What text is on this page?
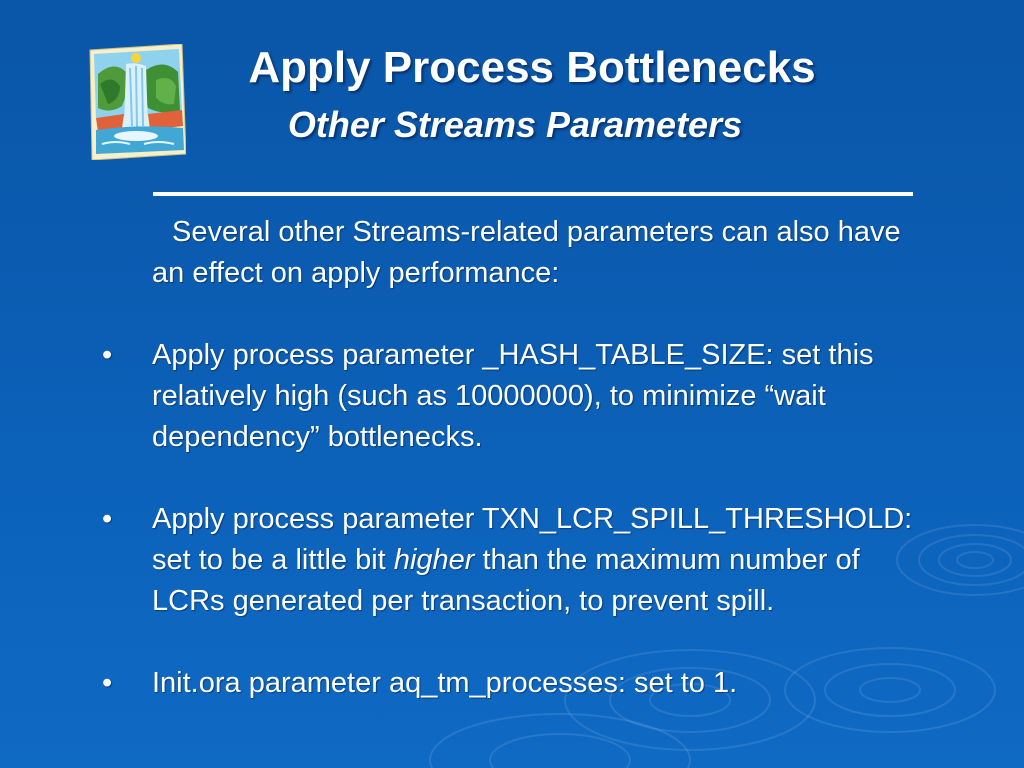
Apply Process Bottlenecks
Other Streams Parameters

Several other Streams-related parameters can also have an effect on apply performance:

• Apply process parameter _HASH_TABLE_SIZE: set this relatively high (such as 10000000), to minimize “wait dependency” bottlenecks.
• Apply process parameter TXN_LCR_SPILL_THRESHOLD: set to be a little bit higher than the maximum number of LCRs generated per transaction, to prevent spill.
• Init.ora parameter aq_tm_processes: set to 1.
